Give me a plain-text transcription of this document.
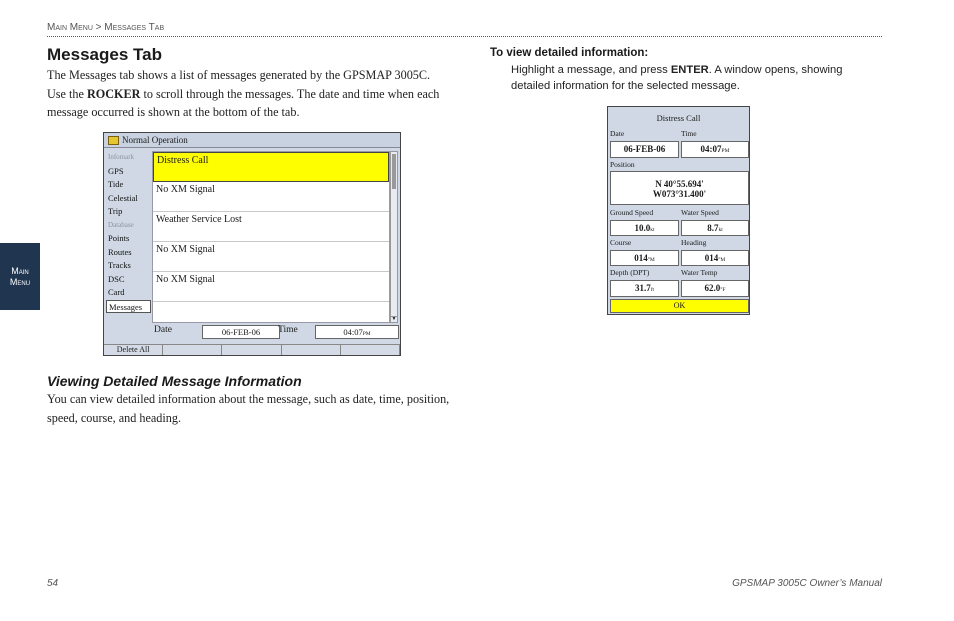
Main Menu > Messages Tab
Main
Menu
Messages Tab

The Messages tab shows a list of messages generated by the GPSMAP 3005C. Use the ROCKER to scroll through the messages. The date and time when each message occurred is shown at the bottom of the tab.

Normal Operation
Infomark
GPS
Tide
Celestial
Trip
Database
Points
Routes
Tracks
DSC
Card
Messages
Distress Call
No XM Signal
Weather Service Lost
No XM Signal
No XM Signal
▼
Date	06-FEB-06	Time	04:07PM
Delete All
Viewing Detailed Message Information

You can view detailed information about the message, such as date, time, position, speed, course, and heading.

To view detailed information:

Highlight a message, and press ENTER. A window opens, showing detailed information for the selected message.

Distress Call
Date	Time
06-FEB-06	04:07PM
Position
N 40°55.694'
W073°31.400'
Ground Speed	Water Speed
10.0kt	8.7kt
Course	Heading
014°M	014°M
Depth (DPT)	Water Temp
31.7ft	62.0°F
OK
54	GPSMAP 3005C Owner’s Manual
